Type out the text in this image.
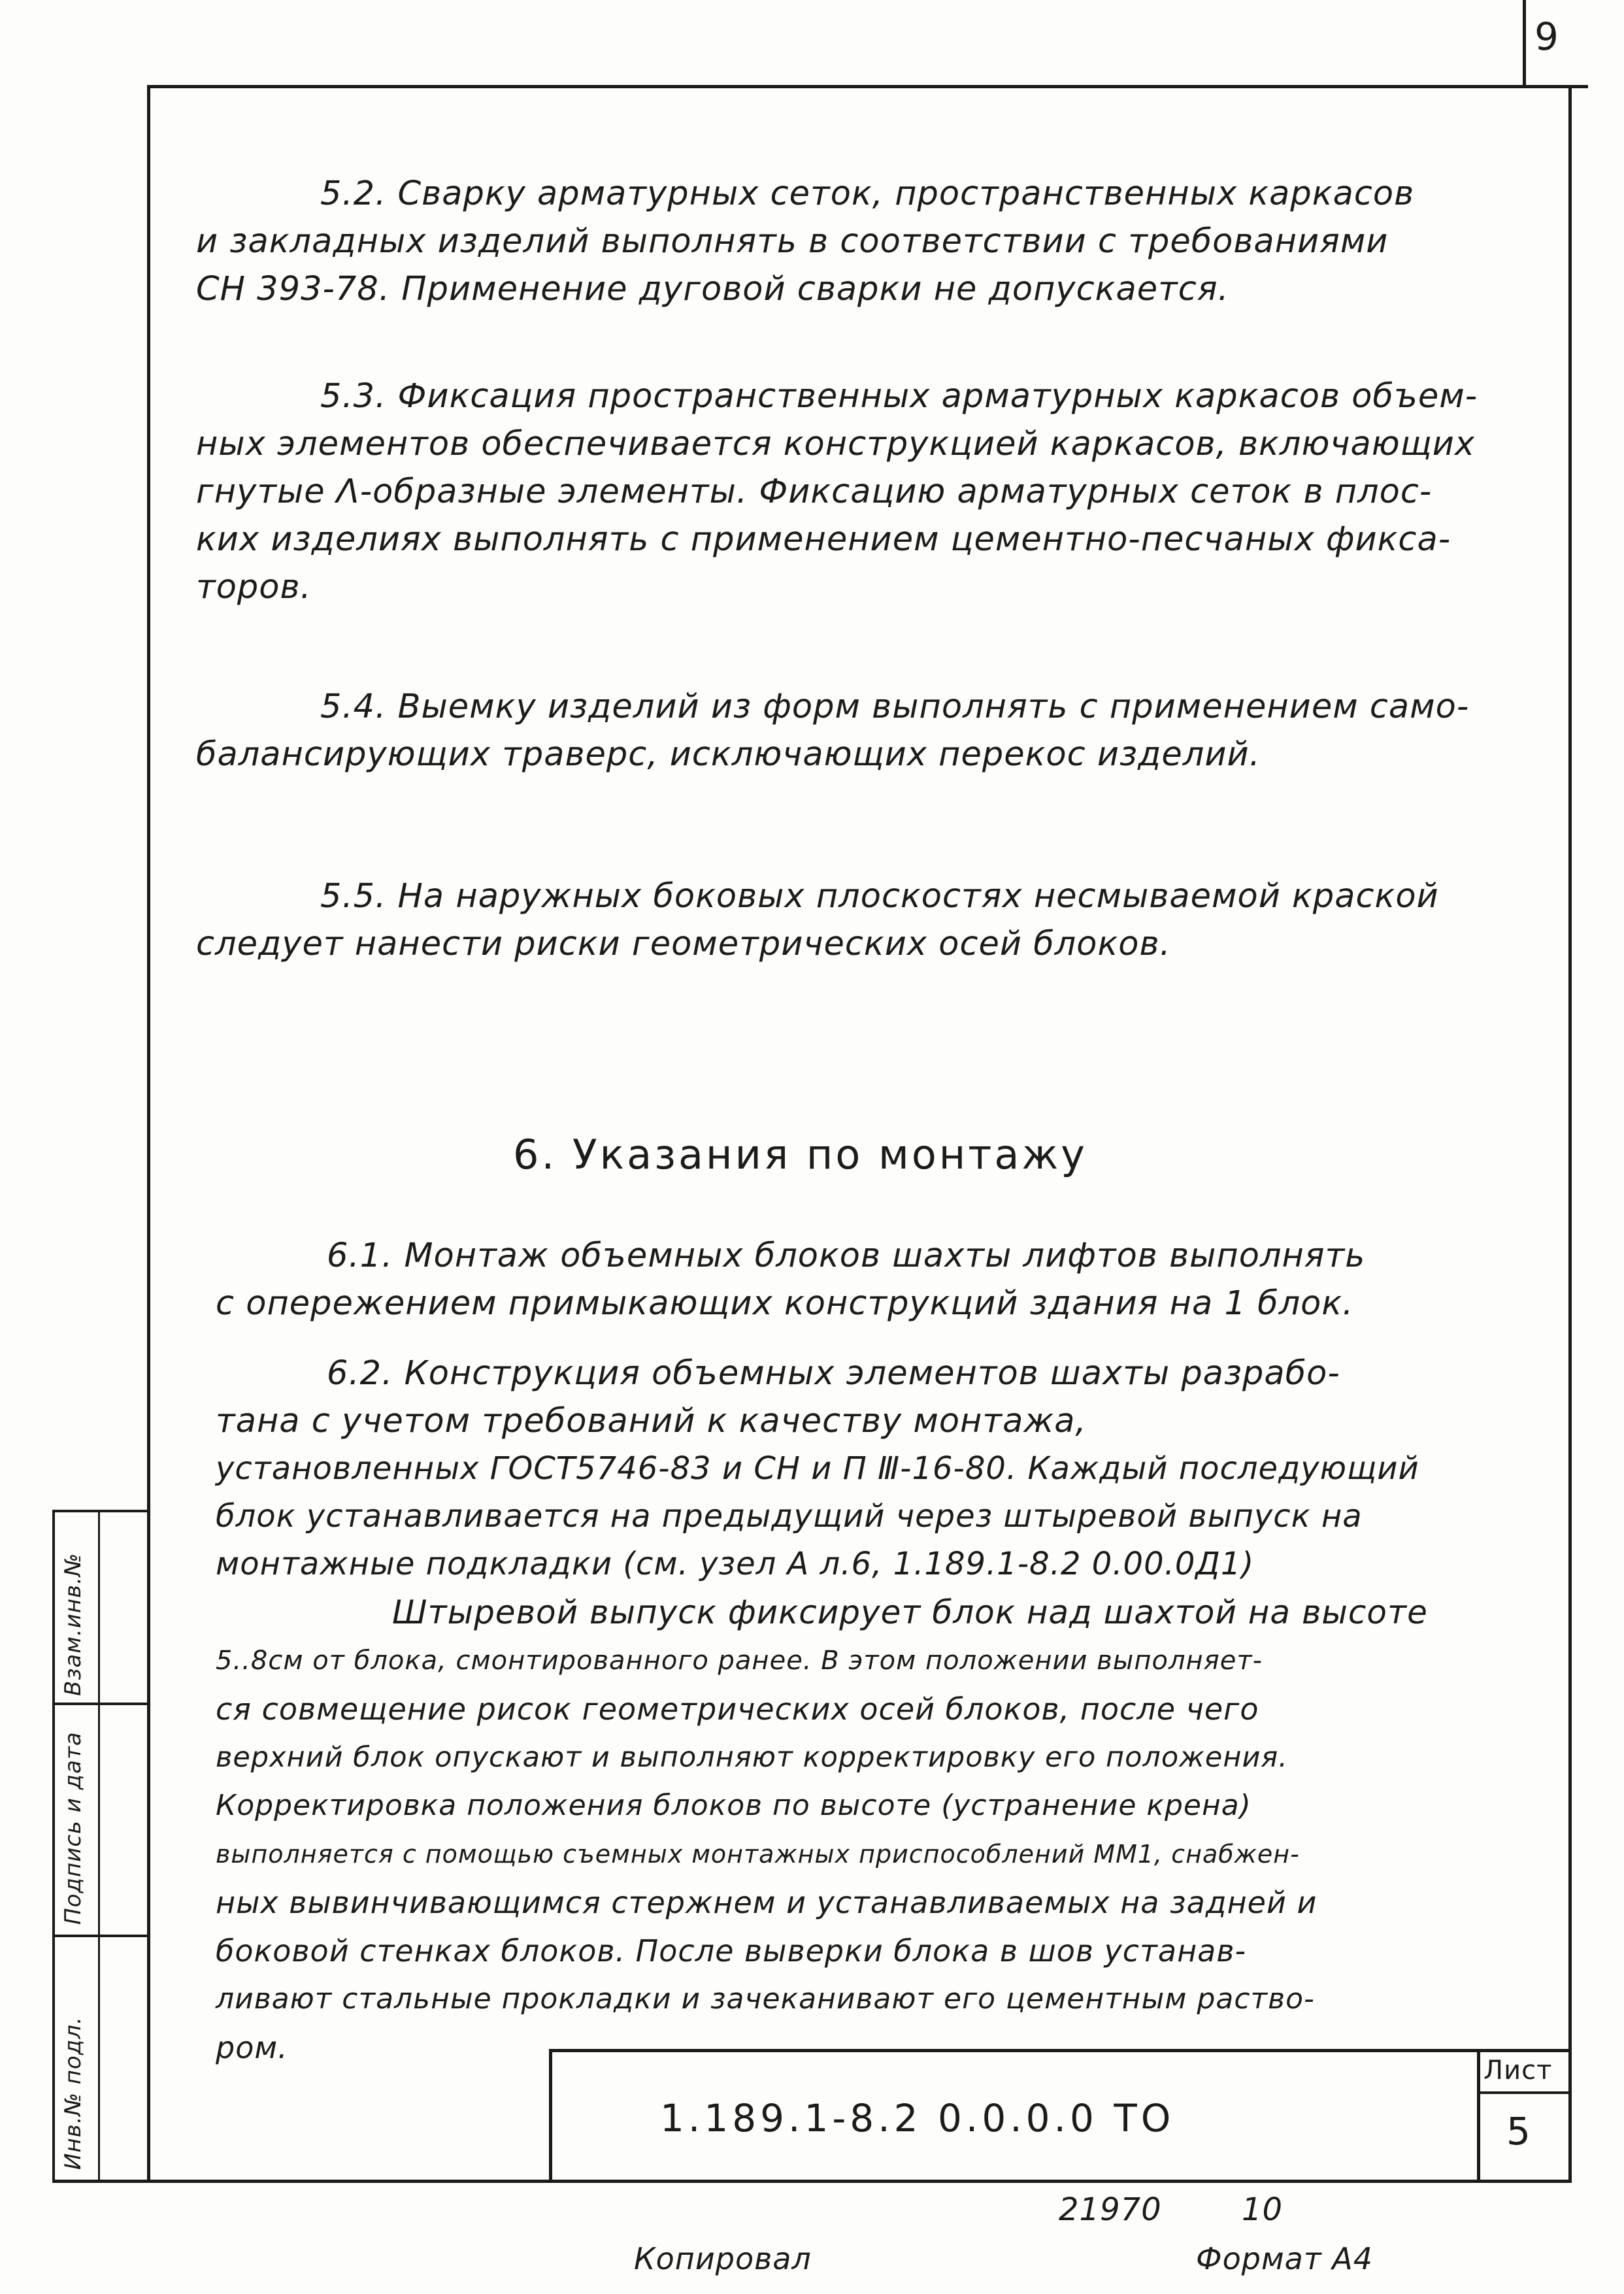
9
Инв.№ подл.
Подпись и дата
Взам.инв.№
5.2. Сварку арматурных сеток, пространственных каркасов
и закладных изделий выполнять в соответствии с требованиями
СН 393-78. Применение дуговой сварки не допускается.
5.3. Фиксация пространственных арматурных каркасов объем-
ных элементов обеспечивается конструкцией каркасов, включающих
гнутые Λ-образные элементы. Фиксацию арматурных сеток в плос-
ких изделиях выполнять с применением цементно-песчаных фикса-
торов.
5.4. Выемку изделий из форм выполнять с применением само-
балансирующих траверс, исключающих перекос изделий.
5.5. На наружных боковых плоскостях несмываемой краской
следует нанести риски геометрических осей блоков.
6. Указания по монтажу
6.1. Монтаж объемных блоков шахты лифтов выполнять
с опережением примыкающих конструкций здания на 1 блок.
6.2. Конструкция объемных элементов шахты разрабо-
тана с учетом требований к качеству монтажа,
установленных ГОСТ5746-83 и СН и П Ⅲ-16-80. Каждый последующий
блок устанавливается на предыдущий через штыревой выпуск на
монтажные подкладки (см. узел А л.6, 1.189.1-8.2 0.00.0Д1)
Штыревой выпуск фиксирует блок над шахтой на высоте
5..8см от блока, смонтированного ранее. В этом положении выполняет-
ся совмещение рисок геометрических осей блоков, после чего
верхний блок опускают и выполняют корректировку его положения.
Корректировка положения блоков по высоте (устранение крена)
выполняется с помощью съемных монтажных приспособлений ММ1, снабжен-
ных вывинчивающимся стержнем и устанавливаемых на задней и
боковой стенках блоков. После выверки блока в шов устанав-
ливают стальные прокладки и зачеканивают его цементным раство-
ром.
1.189.1-8.2 0.0.0.0 ТО
Лист
5
21970	10
Копировал	Формат А4
